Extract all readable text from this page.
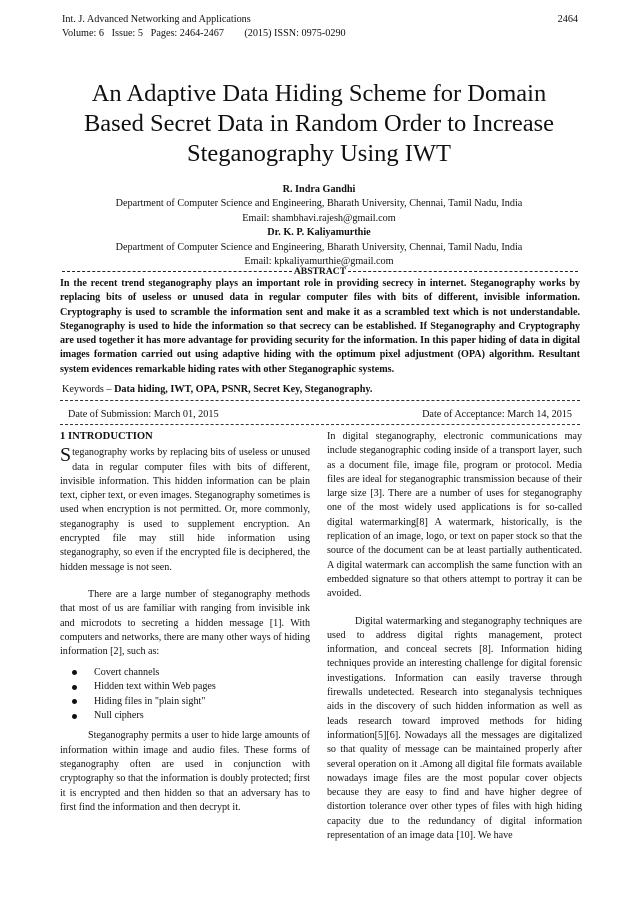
Int. J. Advanced Networking and Applications	2464
Volume: 6   Issue: 5   Pages: 2464-2467        (2015) ISSN: 0975-0290
An Adaptive Data Hiding Scheme for Domain
Based Secret Data in Random Order to Increase
Steganography Using IWT
R. Indra Gandhi
Department of Computer Science and Engineering, Bharath University, Chennai, Tamil Nadu, India
Email: shambhavi.rajesh@gmail.com
Dr. K. P. Kaliyamurthie
Department of Computer Science and Engineering, Bharath University, Chennai, Tamil Nadu, India
Email: kpkaliyamurthie@gmail.com
ABSTRACT
In the recent trend steganography plays an important role in providing secrecy in internet. Steganography works by replacing bits of useless or unused data in regular computer files with bits of different, invisible information. Cryptography is used to scramble the information sent and make it as a scrambled text which is not understandable. Steganography is used to hide the information so that secrecy can be established. If Steganography and Cryptography are used together it has more advantage for providing security for the information. In this paper hiding of data in digital images formation carried out using adaptive hiding with the optimum pixel adjustment (OPA) algorithm. Resultant system evidences remarkable hiding rates with other Steganographic systems.
Keywords – Data hiding, IWT, OPA, PSNR, Secret Key, Steganography.
Date of Submission: March 01, 2015	Date of Acceptance: March 14, 2015
1 INTRODUCTION

Steganography works by replacing bits of useless or unused data in regular computer files with bits of different, invisible information. This hidden information can be plain text, cipher text, or even images. Steganography sometimes is used when encryption is not permitted. Or, more commonly, steganography is used to supplement encryption. An encrypted file may still hide information using steganography, so even if the encrypted file is deciphered, the hidden message is not seen.

There are a large number of steganography methods that most of us are familiar with ranging from invisible ink and microdots to secreting a hidden message [1]. With computers and networks, there are many other ways of hiding information [2], such as:

Covert channels
Hidden text within Web pages
Hiding files in "plain sight"
Null ciphers

Steganography permits a user to hide large amounts of information within image and audio files. These forms of steganography often are used in conjunction with cryptography so that the information is doubly protected; first it is encrypted and then hidden so that an adversary has to first find the information and then decrypt it.

In digital steganography, electronic communications may include steganographic coding inside of a transport layer, such as a document file, image file, program or protocol. Media files are ideal for steganographic transmission because of their large size [3]. There are a number of uses for steganography one of the most widely used applications is for so-called digital watermarking[8] A watermark, historically, is the replication of an image, logo, or text on paper stock so that the source of the document can be at least partially authenticated. A digital watermark can accomplish the same function with an embedded signature so that others attempt to portray it can be avoided.

Digital watermarking and steganography techniques are used to address digital rights management, protect information, and conceal secrets [8]. Information hiding techniques provide an interesting challenge for digital forensic investigations. Information can easily traverse through firewalls undetected. Research into steganalysis techniques aids in the discovery of such hidden information as well as leads research toward improved methods for hiding information[5][6]. Nowadays all the messages are digitalized so that quality of message can be maintained properly after several operation on it .Among all digital file formats available nowadays image files are the most popular cover objects because they are easy to find and have higher degree of distortion tolerance over other types of files with high hiding capacity due to the redundancy of digital information representation of an image data [10]. We have
